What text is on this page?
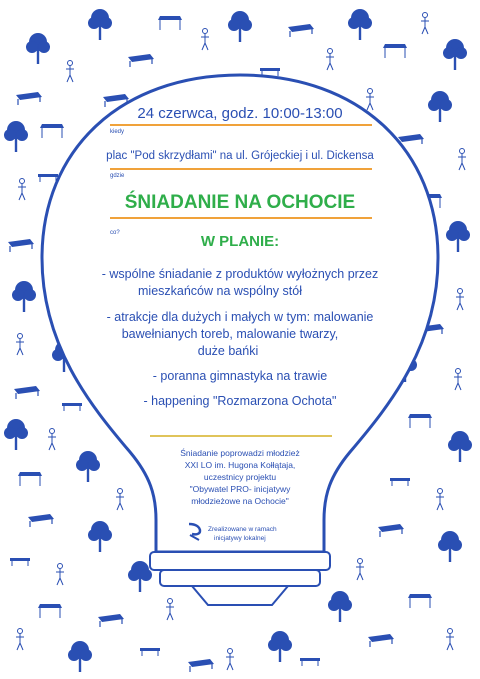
24 czerwca, godz. 10:00-13:00
kiedy
plac "Pod skrzydłami" na ul. Grójeckiej i ul. Dickensa
gdzie
ŚNIADANIE NA OCHOCIE
co?	W PLANIE:
- wspólne śniadanie z produktów wyłożnych przez
mieszkańców na wspólny stół
- atrakcje dla dużych i małych w tym: malowanie
bawełnianych toreb, malowanie twarzy,
duże bańki
- poranna gimnastyka na trawie
- happening "Rozmarzona Ochota"
Śniadanie poprowadzi młodzież
XXI LO im. Hugona Kołłątaja,
uczestnicy projektu
"Obywatel PRO- inicjatywy
młodzieżowe na Ochocie"
Zrealizowane w ramach
inicjatywy lokalnej
